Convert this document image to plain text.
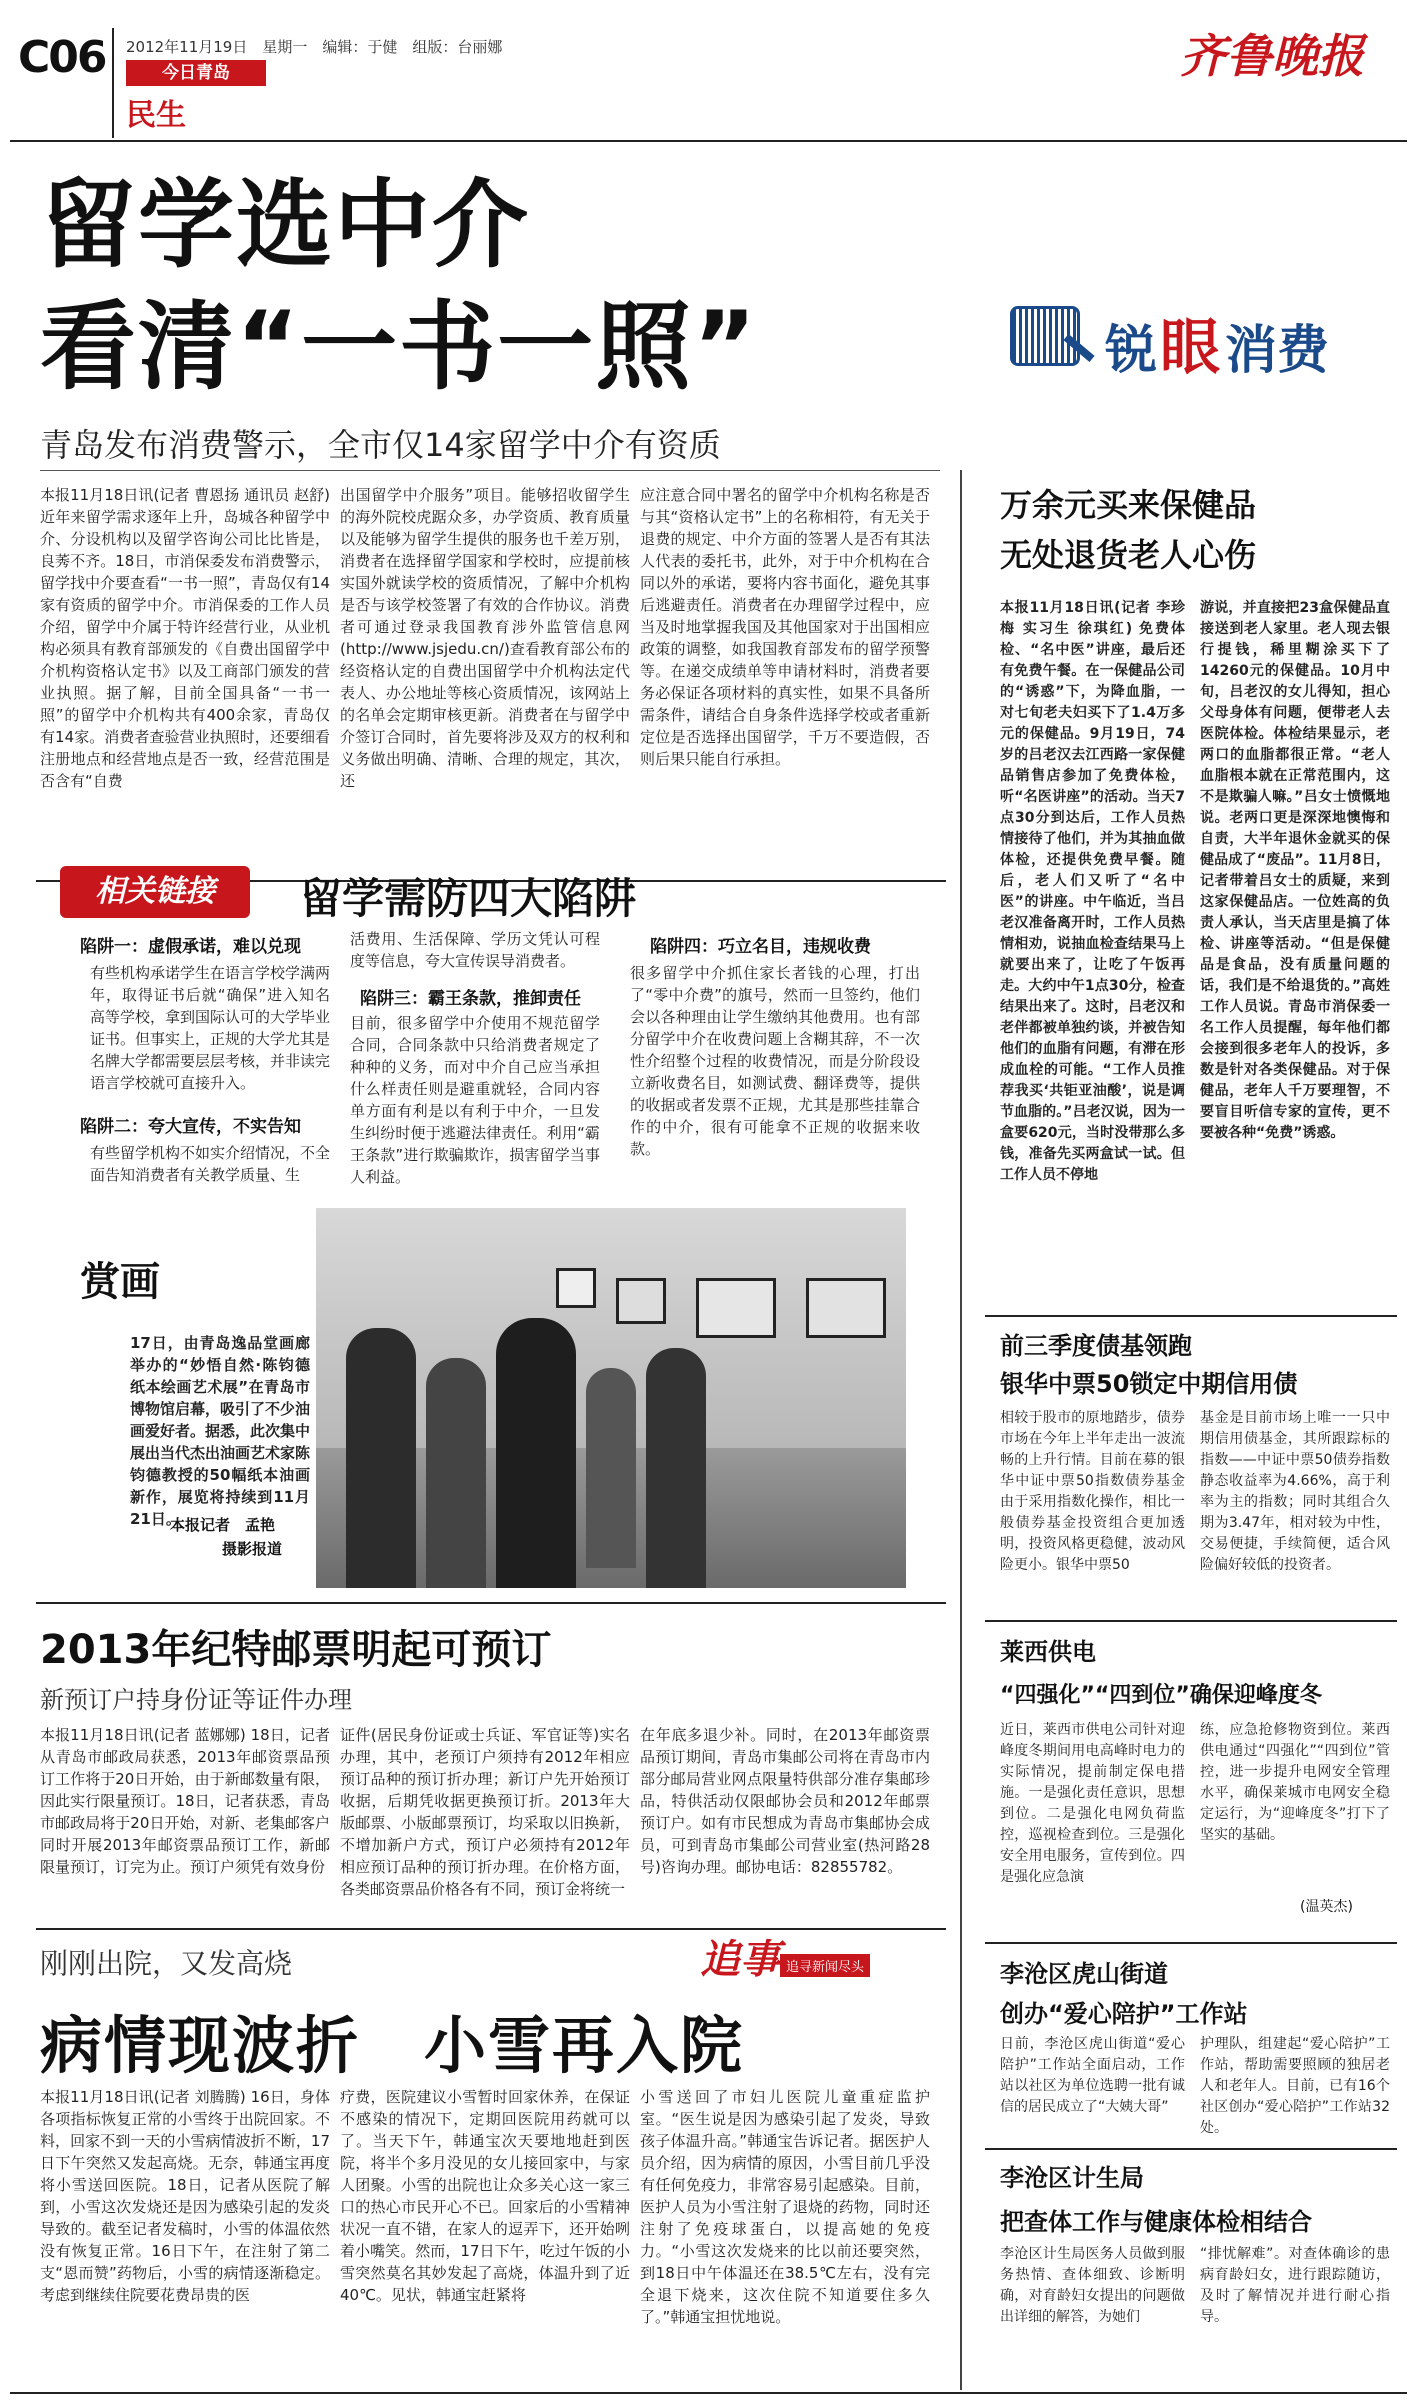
C06 2012年11月19日　星期一　编辑：于健　组版：台丽娜
今日青岛
民生
齐鲁晚报
留学选中介
看清“一书一照”
青岛发布消费警示，全市仅14家留学中介有资质
本报11月18日讯(记者 曹恩扬 通讯员 赵舒) 近年来留学需求逐年上升，岛城各种留学中介、分设机构以及留学咨询公司比比皆是，良莠不齐。18日，市消保委发布消费警示，留学找中介要查看“一书一照”，青岛仅有14家有资质的留学中介。市消保委的工作人员介绍，留学中介属于特许经营行业，从业机构必须具有教育部颁发的《自费出国留学中介机构资格认定书》以及工商部门颁发的营业执照。据了解，目前全国具备“一书一照”的留学中介机构共有400余家，青岛仅有14家。消费者查验营业执照时，还要细看注册地点和经营地点是否一致，经营范围是否含有“自费
出国留学中介服务”项目。能够招收留学生的海外院校虎踞众多，办学资质、教育质量以及能够为留学生提供的服务也千差万别，消费者在选择留学国家和学校时，应提前核实国外就读学校的资质情况，了解中介机构是否与该学校签署了有效的合作协议。消费者可通过登录我国教育涉外监管信息网(http://www.jsjedu.cn/)查看教育部公布的经资格认定的自费出国留学中介机构法定代表人、办公地址等核心资质情况，该网站上的名单会定期审核更新。消费者在与留学中介签订合同时，首先要将涉及双方的权利和义务做出明确、清晰、合理的规定，其次，还
应注意合同中署名的留学中介机构名称是否与其“资格认定书”上的名称相符，有无关于退费的规定、中介方面的签署人是否有其法人代表的委托书，此外，对于中介机构在合同以外的承诺，要将内容书面化，避免其事后逃避责任。消费者在办理留学过程中，应当及时地掌握我国及其他国家对于出国相应政策的调整，如我国教育部发布的留学预警等。在递交成绩单等申请材料时，消费者要务必保证各项材料的真实性，如果不具备所需条件，请结合自身条件选择学校或者重新定位是否选择出国留学，千万不要造假，否则后果只能自行承担。
锐 眼 消费
相关链接	留学需防四大陷阱
陷阱一：虚假承诺，难以兑现
有些机构承诺学生在语言学校学满两年，取得证书后就“确保”进入知名高等学校，拿到国际认可的大学毕业证书。但事实上，正规的大学尤其是名牌大学都需要层层考核，并非读完语言学校就可直接升入。
陷阱二：夸大宣传，不实告知
有些留学机构不如实介绍情况，不全面告知消费者有关教学质量、生
活费用、生活保障、学历文凭认可程度等信息，夸大宣传误导消费者。
陷阱三：霸王条款，推卸责任
目前，很多留学中介使用不规范留学合同，合同条款中只给消费者规定了种种的义务，而对中介自己应当承担什么样责任则是避重就轻，合同内容单方面有利是以有利于中介，一旦发生纠纷时便于逃避法律责任。利用“霸王条款”进行欺骗欺诈，损害留学当事人利益。
陷阱四：巧立名目，违规收费
很多留学中介抓住家长者钱的心理，打出了“零中介费”的旗号，然而一旦签约，他们会以各种理由让学生缴纳其他费用。也有部分留学中介在收费问题上含糊其辞，不一次性介绍整个过程的收费情况，而是分阶段设立新收费名目，如测试费、翻译费等，提供的收据或者发票不正规，尤其是那些挂靠合作的中介，很有可能拿不正规的收据来收款。
赏画
17日，由青岛逸品堂画廊举办的“妙悟自然·陈钧德纸本绘画艺术展”在青岛市博物馆启幕，吸引了不少油画爱好者。据悉，此次集中展出当代杰出油画艺术家陈钧德教授的50幅纸本油画新作，展览将持续到11月21日。
本报记者　孟艳
摄影报道
2013年纪特邮票明起可预订
新预订户持身份证等证件办理
本报11月18日讯(记者 蓝娜娜) 18日，记者从青岛市邮政局获悉，2013年邮资票品预订工作将于20日开始，由于新邮数量有限，因此实行限量预订。18日，记者获悉，青岛市邮政局将于20日开始，对新、老集邮客户同时开展2013年邮资票品预订工作，新邮限量预订，订完为止。预订户须凭有效身份
证件(居民身份证或士兵证、军官证等)实名办理，其中，老预订户须持有2012年相应预订品种的预订折办理；新订户先开始预订收据，后期凭收据更换预订折。2013年大版邮票、小版邮票预订，均采取以旧换新，不增加新户方式，预订户必须持有2012年相应预订品种的预订折办理。在价格方面，各类邮资票品价格各有不同，预订金将统一
在年底多退少补。同时，在2013年邮资票品预订期间，青岛市集邮公司将在青岛市内部分邮局营业网点限量特供部分准存集邮珍品，特供活动仅限邮协会员和2012年邮票预订户。如有市民想成为青岛市集邮协会成员，可到青岛市集邮公司营业室(热河路28号)咨询办理。邮协电话：82855782。
刚刚出院，又发高烧	追事 追寻新闻尽头
病情现波折　小雪再入院
本报11月18日讯(记者 刘腾腾) 16日，身体各项指标恢复正常的小雪终于出院回家。不料，回家不到一天的小雪病情波折不断，17日下午突然又发起高烧。无奈，韩通宝再度将小雪送回医院。18日，记者从医院了解到，小雪这次发烧还是因为感染引起的发炎导致的。截至记者发稿时，小雪的体温依然没有恢复正常。16日下午，在注射了第二支“恩而赞”药物后，小雪的病情逐渐稳定。考虑到继续住院要花费昂贵的医
疗费，医院建议小雪暂时回家休养，在保证不感染的情况下，定期回医院用药就可以了。当天下午，韩通宝次天要地地赶到医院，将半个多月没见的女儿接回家中，与家人团聚。小雪的出院也让众多关心这一家三口的热心市民开心不已。回家后的小雪精神状况一直不错，在家人的逗弄下，还开始咧着小嘴笑。然而，17日下午，吃过午饭的小雪突然莫名其妙发起了高烧，体温升到了近40℃。见状，韩通宝赶紧将
小雪送回了市妇儿医院儿童重症监护室。“医生说是因为感染引起了发炎，导致孩子体温升高。”韩通宝告诉记者。据医护人员介绍，因为病情的原因，小雪目前几乎没有任何免疫力，非常容易引起感染。目前，医护人员为小雪注射了退烧的药物，同时还注射了免疫球蛋白，以提高她的免疫力。“小雪这次发烧来的比以前还要突然，到18日中午体温还在38.5℃左右，没有完全退下烧来，这次住院不知道要住多久了。”韩通宝担忧地说。
万余元买来保健品
无处退货老人心伤
本报11月18日讯(记者 李珍梅 实习生 徐琪红) 免费体检、“名中医”讲座，最后还有免费午餐。在一保健品公司的“诱惑”下，为降血脂，一对七旬老夫妇买下了1.4万多元的保健品。9月19日，74岁的吕老汉去江西路一家保健品销售店参加了免费体检，听“名医讲座”的活动。当天7点30分到达后，工作人员热情接待了他们，并为其抽血做体检，还提供免费早餐。随后，老人们又听了“名中医”的讲座。中午临近，当吕老汉准备离开时，工作人员热情相劝，说抽血检查结果马上就要出来了，让吃了午饭再走。大约中午1点30分，检查结果出来了。这时，吕老汉和老伴都被单独约谈，并被告知他们的血脂有问题，有滞在形成血栓的可能。“工作人员推荐我买‘共钜亚油酸’，说是调节血脂的。”吕老汉说，因为一盒要620元，当时没带那么多钱，准备先买两盒试一试。但工作人员不停地
游说，并直接把23盒保健品直接送到老人家里。老人现去银行提钱，稀里糊涂买下了14260元的保健品。10月中旬，吕老汉的女儿得知，担心父母身体有问题，便带老人去医院体检。体检结果显示，老两口的血脂都很正常。“老人血脂根本就在正常范围内，这不是欺骗人嘛。”吕女士愤慨地说。老两口更是深深地懊悔和自责，大半年退休金就买的保健品成了“废品”。11月8日，记者带着吕女士的质疑，来到这家保健品店。一位姓高的负责人承认，当天店里是搞了体检、讲座等活动。“但是保健品是食品，没有质量问题的话，我们是不给退货的。”高姓工作人员说。青岛市消保委一名工作人员提醒，每年他们都会接到很多老年人的投诉，多数是针对各类保健品。对于保健品，老年人千万要理智，不要盲目听信专家的宣传，更不要被各种“免费”诱惑。
前三季度债基领跑
银华中票50锁定中期信用债
相较于股市的原地踏步，债券市场在今年上半年走出一波流畅的上升行情。目前在募的银华中证中票50指数债券基金由于采用指数化操作，相比一般债券基金投资组合更加透明，投资风格更稳健，波动风险更小。银华中票50
基金是目前市场上唯一一只中期信用债基金，其所跟踪标的指数——中证中票50债券指数静态收益率为4.66%，高于利率为主的指数；同时其组合久期为3.47年，相对较为中性，交易便捷，手续简便，适合风险偏好较低的投资者。
莱西供电
“四强化”“四到位”确保迎峰度冬
近日，莱西市供电公司针对迎峰度冬期间用电高峰时电力的实际情况，提前制定保电措施。一是强化责任意识，思想到位。二是强化电网负荷监控，巡视检查到位。三是强化安全用电服务，宣传到位。四是强化应急演
练，应急抢修物资到位。莱西供电通过“四强化”“四到位”管控，进一步提升电网安全管理水平，确保莱城市电网安全稳定运行，为“迎峰度冬”打下了坚实的基础。
(温英杰)
李沧区虎山街道
创办“爱心陪护”工作站
日前，李沧区虎山街道“爱心陪护”工作站全面启动，工作站以社区为单位选聘一批有诚信的居民成立了“大姨大哥”
护理队，组建起“爱心陪护”工作站，帮助需要照顾的独居老人和老年人。目前，已有16个社区创办“爱心陪护”工作站32处。
李沧区计生局
把查体工作与健康体检相结合
李沧区计生局医务人员做到服务热情、查体细致、诊断明确，对育龄妇女提出的问题做出详细的解答，为她们
“排忧解难”。对查体确诊的患病育龄妇女，进行跟踪随访，及时了解情况并进行耐心指导。
